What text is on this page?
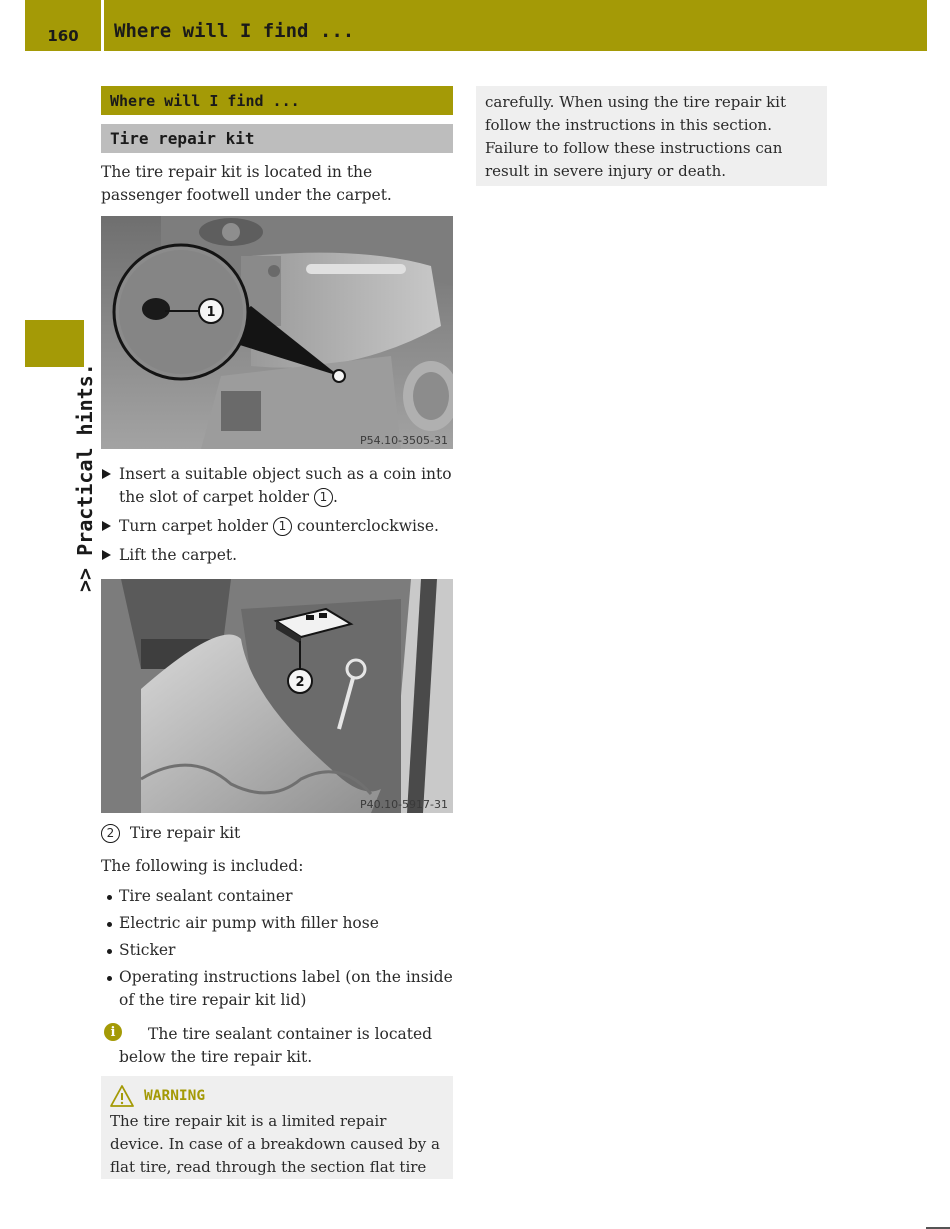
160	Where will I find ...
>> Practical hints.
Where will I find ...
Tire repair kit
The tire repair kit is located in the passenger footwell under the carpet.
1
P54.10-3505-31
Insert a suitable object such as a coin into the slot of carpet holder 1 .
Turn carpet holder 1 counterclockwise.
Lift the carpet.
2
P40.10-5917-31
2 Tire repair kit
The following is included:
Tire sealant container
Electric air pump with filler hose
Sticker
Operating instructions label (on the inside of the tire repair kit lid)
i	The tire sealant container is located below the tire repair kit.
WARNING
The tire repair kit is a limited repair device. In case of a breakdown caused by a flat tire, read through the section flat tire
carefully. When using the tire repair kit follow the instructions in this section. Failure to follow these instructions can result in severe injury or death.
